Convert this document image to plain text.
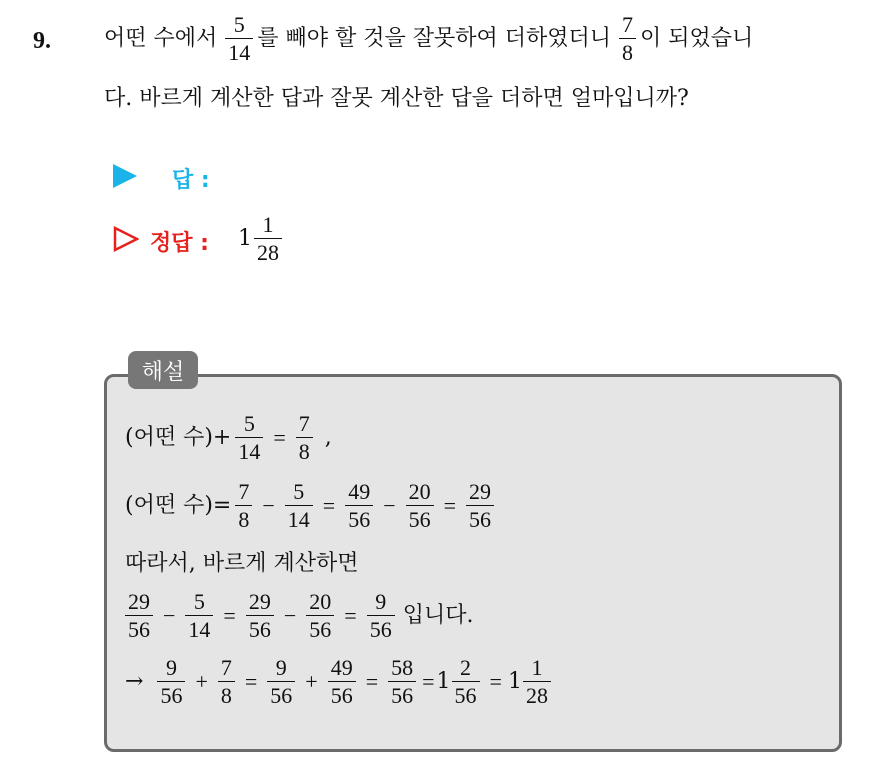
9. 어떤 수에서 $\frac{5}{14}$ 를 빼야 할 것을 잘못하여 더하였더니 $\frac{7}{8}$ 이 되었습니
다. 바르게 계산한 답과 잘못 계산한 답을 더하면 얼마입니까?
답 :
정답 : $1 \frac{1}{28}$
해설
(어떤 수)+ $\frac{5}{14} = \frac{7}{8}$ ,
(어떤 수)= $\frac{7}{8} - \frac{5}{14} = \frac{49}{56} - \frac{20}{56} = \frac{29}{56}$
따라서, 바르게 계산하면
$\frac{29}{56} - \frac{5}{14} = \frac{29}{56} - \frac{20}{56} = \frac{9}{56}$ 입니다.
→ $\frac{9}{56} + \frac{7}{8} = \frac{9}{56} + \frac{49}{56} = \frac{58}{56} = 1 \frac{2}{56} = 1 \frac{1}{28}$
